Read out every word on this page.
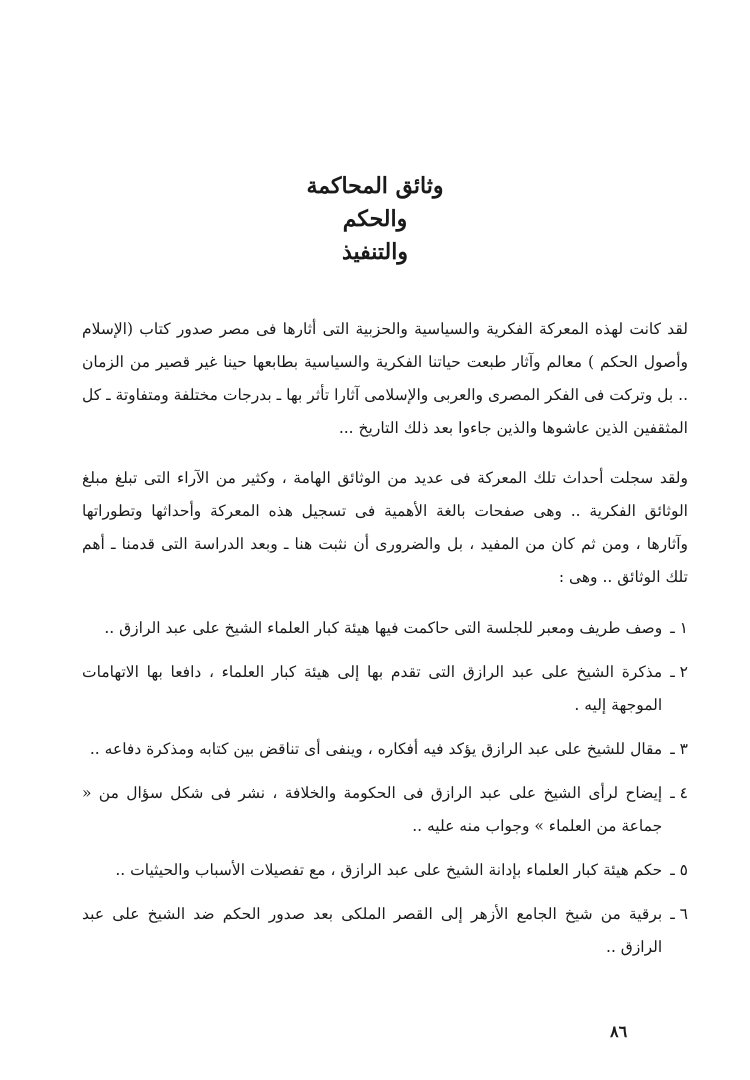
وثائق المحاكمة
والحكم
والتنفيذ

لقد كانت لهذه المعركة الفكرية والسياسية والحزبية التى أثارها فى مصر صدور كتاب (الإسلام وأصول الحكم ) معالم وآثار طبعت حياتنا الفكرية والسياسية بطابعها حينا غير قصير من الزمان .. بل وتركت فى الفكر المصرى والعربى والإسلامى آثارا تأثر بها ـ بدرجات مختلفة ومتفاوتة ـ كل المثقفين الذين عاشوها والذين جاءوا بعد ذلك التاريخ ...

ولقد سجلت أحداث تلك المعركة فى عديد من الوثائق الهامة ، وكثير من الآراء التى تبلغ مبلغ الوثائق الفكرية .. وهى صفحات بالغة الأهمية فى تسجيل هذه المعركة وأحداثها وتطوراتها وآثارها ، ومن ثم كان من المفيد ، بل والضرورى أن نثبت هنا ـ وبعد الدراسة التى قدمنا ـ أهم تلك الوثائق .. وهى :

١ ـ
وصف طريف ومعبر للجلسة التى حاكمت فيها هيئة كبار العلماء الشيخ على عبد الرازق ..
٢ ـ
مذكرة الشيخ على عبد الرازق التى تقدم بها إلى هيئة كبار العلماء ، دافعا بها الاتهامات الموجهة إليه .
٣ ـ
مقال للشيخ على عبد الرازق يؤكد فيه أفكاره ، وينفى أى تناقض بين كتابه ومذكرة دفاعه ..
٤ ـ
إيضاح لرأى الشيخ على عبد الرازق فى الحكومة والخلافة ، نشر فى شكل سؤال من « جماعة من العلماء » وجواب منه عليه ..
٥ ـ
حكم هيئة كبار العلماء بإدانة الشيخ على عبد الرازق ، مع تفصيلات الأسباب والحيثيات ..
٦ ـ
برقية من شيخ الجامع الأزهر إلى القصر الملكى بعد صدور الحكم ضد الشيخ على عبد الرازق ..
٨٦
